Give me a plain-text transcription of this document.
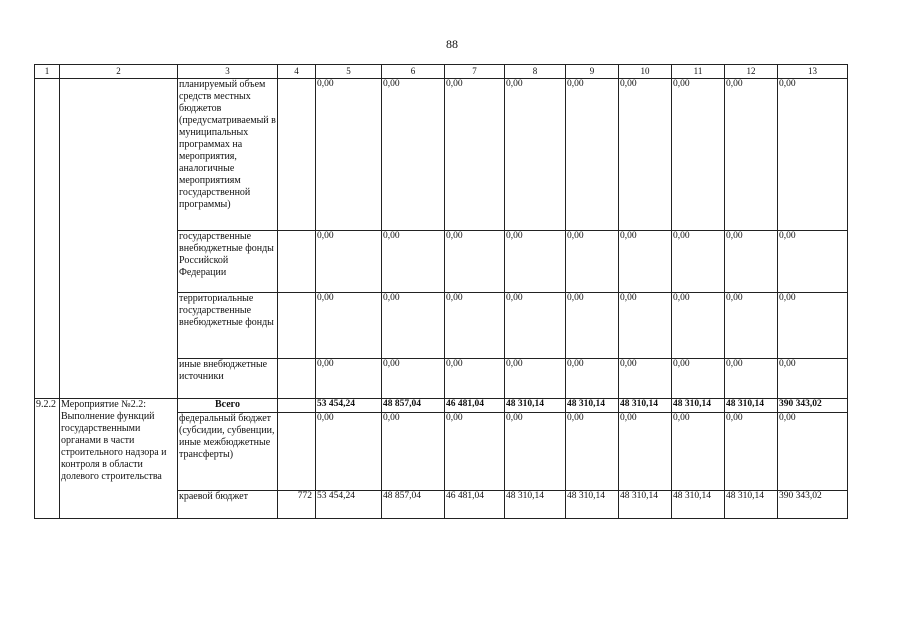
88
1	2	3	4	5	6	7	8	9	10	11	12	13
		планируемый объем средств местных бюджетов (предусматриваемый в муниципальных программах на мероприятия, аналогичные мероприятиям государственной программы)		0,00	0,00	0,00	0,00	0,00	0,00	0,00	0,00	0,00
		государственные внебюджетные фонды Российской Федерации		0,00	0,00	0,00	0,00	0,00	0,00	0,00	0,00	0,00
		территориальные государственные внебюджетные фонды		0,00	0,00	0,00	0,00	0,00	0,00	0,00	0,00	0,00
		иные внебюджетные источники		0,00	0,00	0,00	0,00	0,00	0,00	0,00	0,00	0,00
9.2.2	Мероприятие №2.2: Выполнение функций государственными органами в части строительного надзора и контроля в области долевого строительства	Всего		53 454,24	48 857,04	46 481,04	48 310,14	48 310,14	48 310,14	48 310,14	48 310,14	390 343,02
		федеральный бюджет (субсидии, субвенции, иные межбюджетные трансферты)		0,00	0,00	0,00	0,00	0,00	0,00	0,00	0,00	0,00
		краевой бюджет	772	53 454,24	48 857,04	46 481,04	48 310,14	48 310,14	48 310,14	48 310,14	48 310,14	390 343,02
